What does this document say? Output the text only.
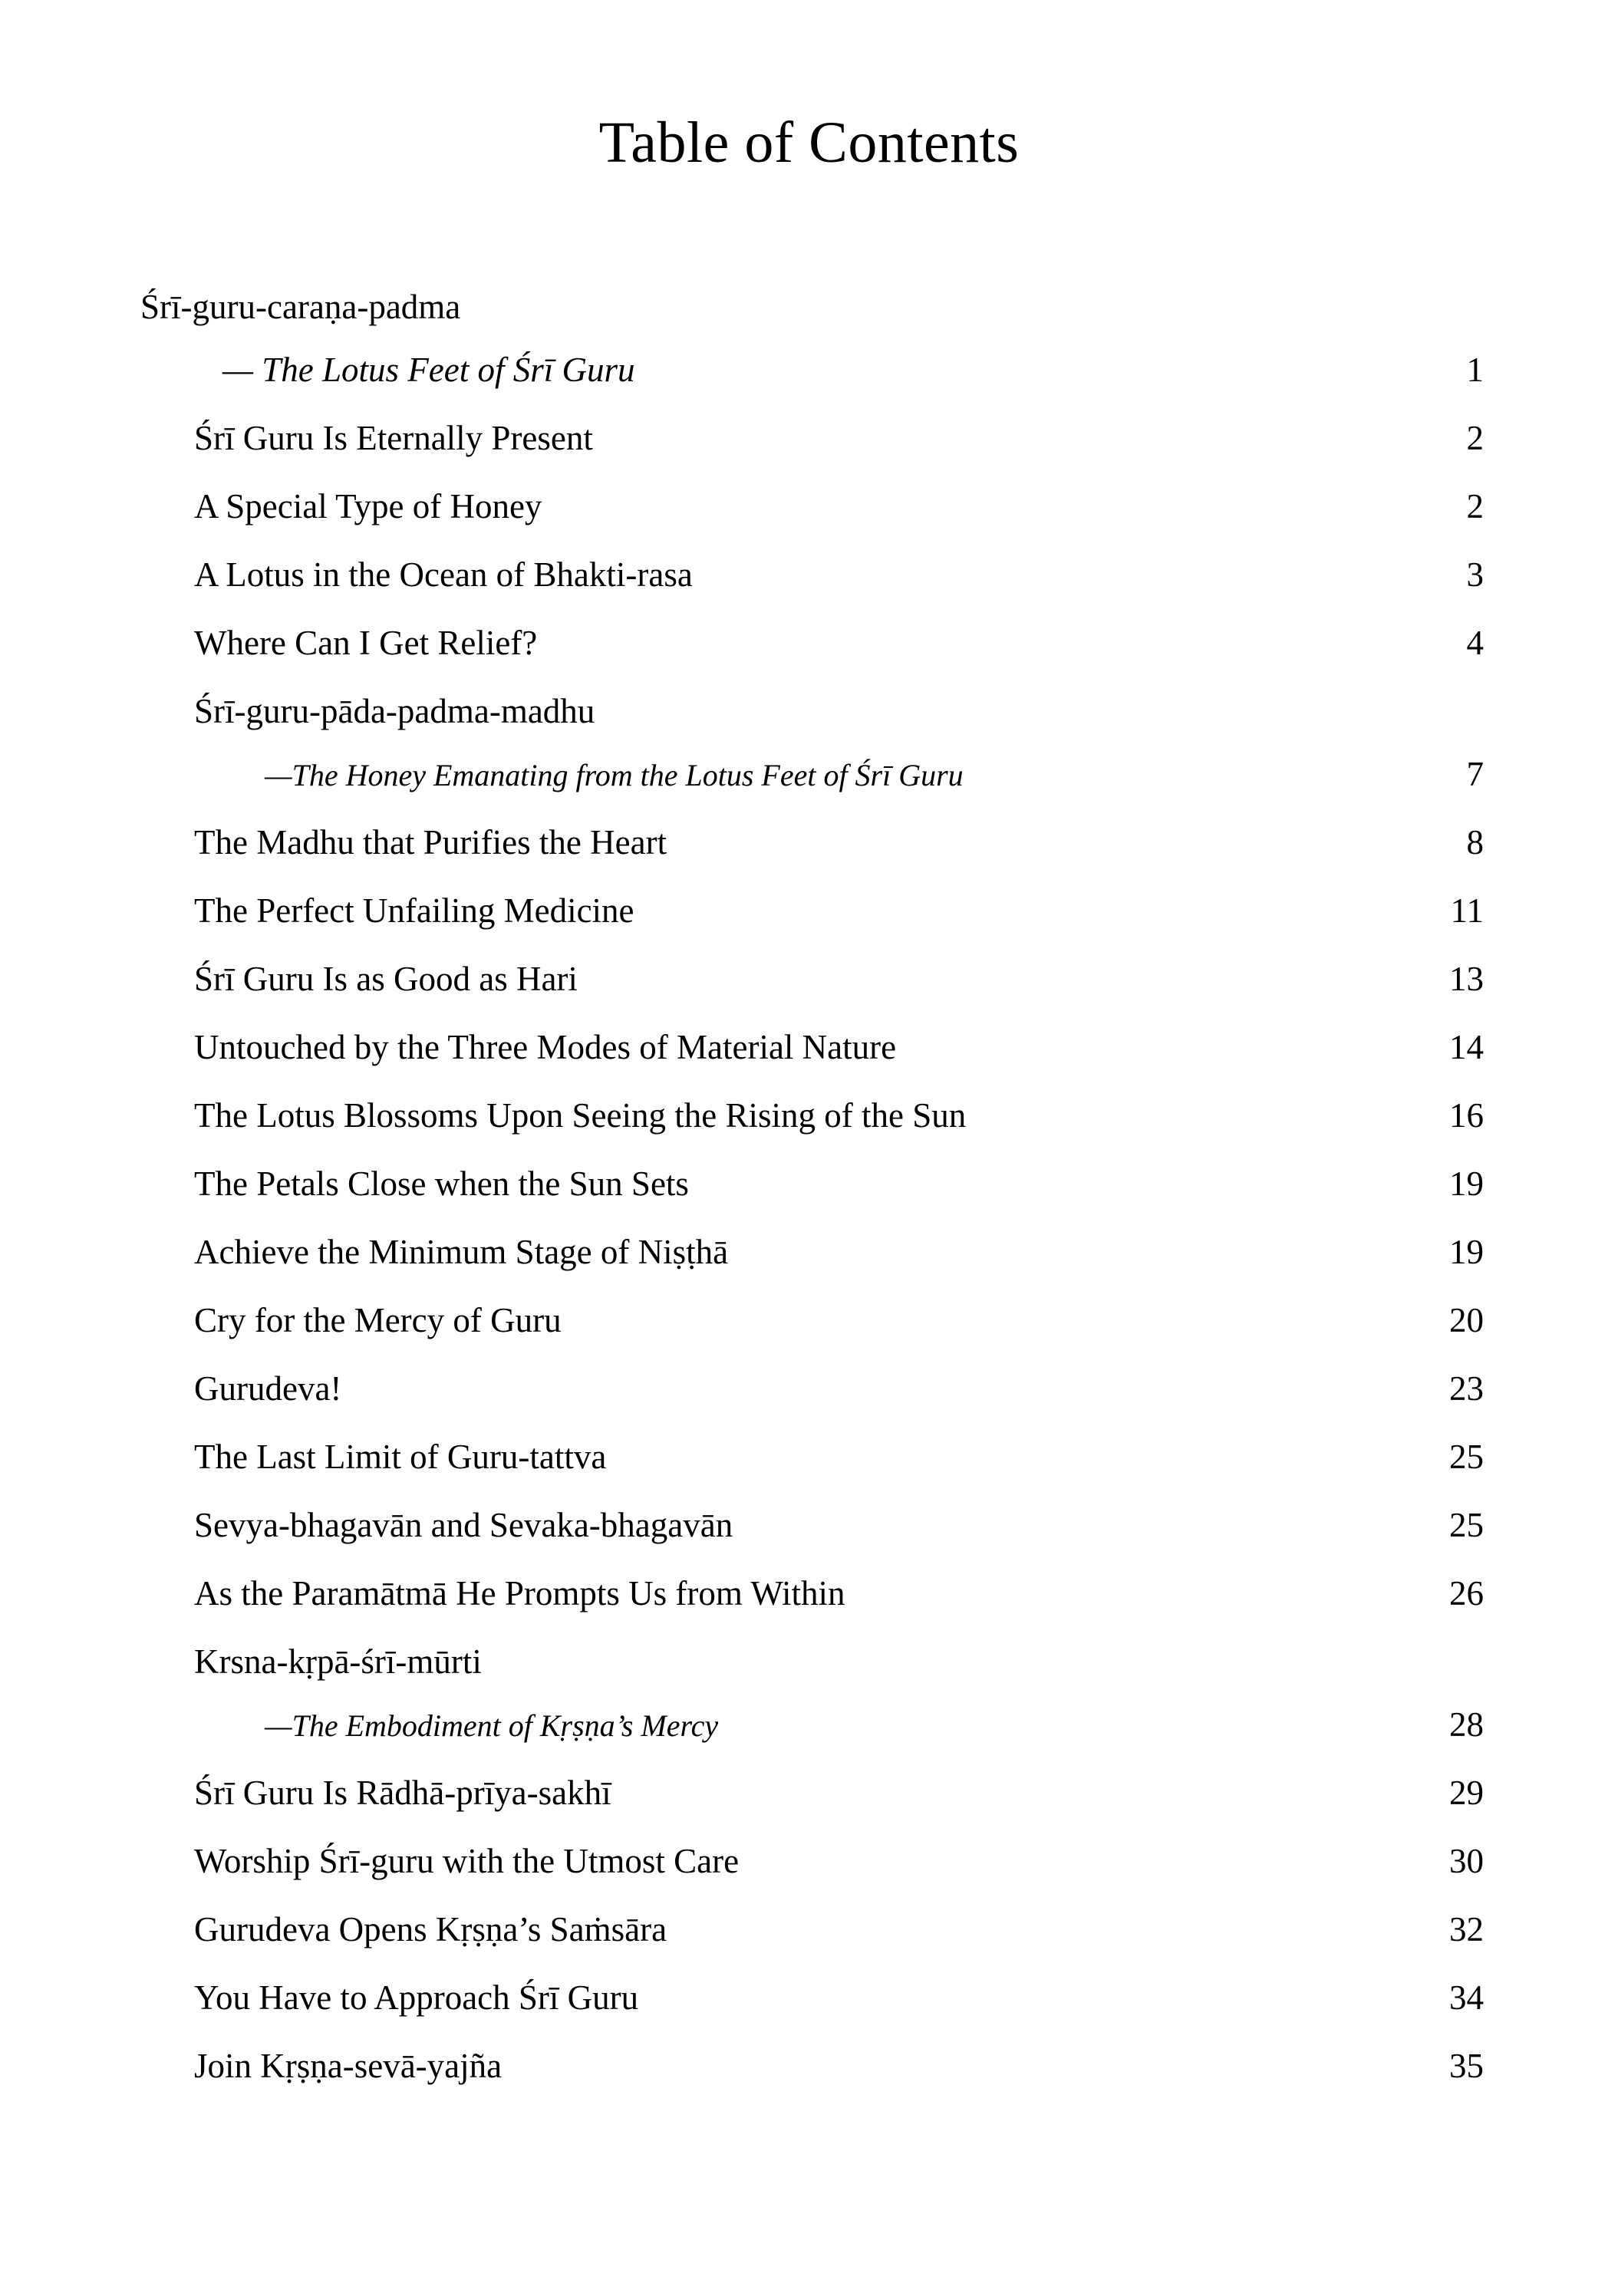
Table of Contents
Śrī-guru-caraṇa-padma
— The Lotus Feet of Śrī Guru	1
Śrī Guru Is Eternally Present	2
A Special Type of Honey	2
A Lotus in the Ocean of Bhakti-rasa	3
Where Can I Get Relief?	4
Śrī-guru-pāda-padma-madhu
—The Honey Emanating from the Lotus Feet of Śrī Guru	7
The Madhu that Purifies the Heart	8
The Perfect Unfailing Medicine	11
Śrī Guru Is as Good as Hari	13
Untouched by the Three Modes of Material Nature	14
The Lotus Blossoms Upon Seeing the Rising of the Sun	16
The Petals Close when the Sun Sets	19
Achieve the Minimum Stage of Niṣṭhā	19
Cry for the Mercy of Guru	20
Gurudeva!	23
The Last Limit of Guru-tattva	25
Sevya-bhagavān and Sevaka-bhagavān	25
As the Paramātmā He Prompts Us from Within	26
Krsna-kṛpā-śrī-mūrti
—The Embodiment of Kṛṣṇa’s Mercy	28
Śrī Guru Is Rādhā-prīya-sakhī	29
Worship Śrī-guru with the Utmost Care	30
Gurudeva Opens Kṛṣṇa’s Saṁsāra	32
You Have to Approach Śrī Guru	34
Join Kṛṣṇa-sevā-yajña	35
